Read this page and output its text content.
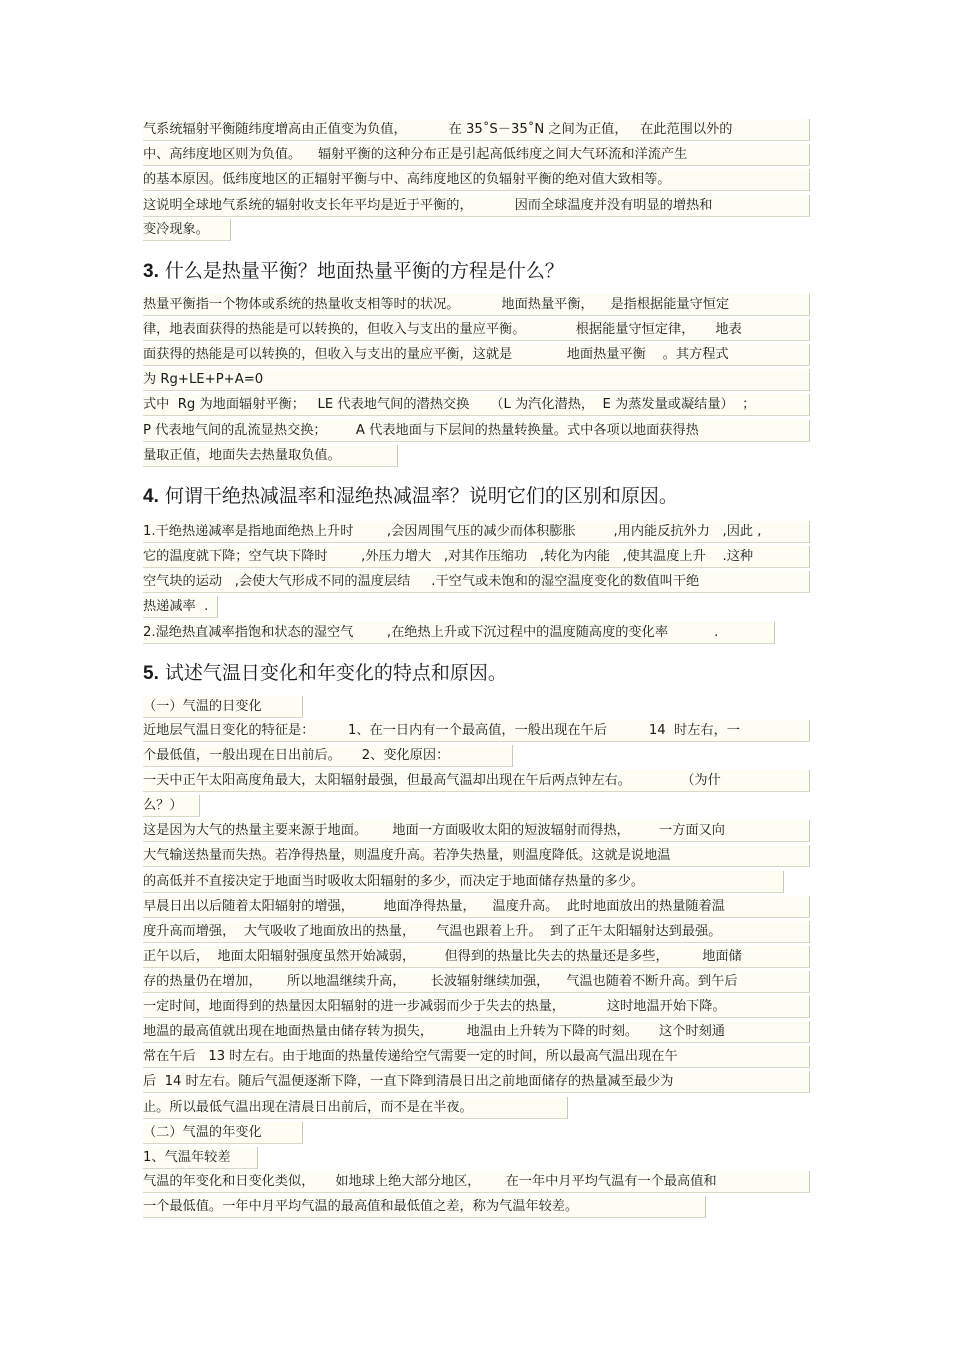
气系统辐射平衡随纬度增高由正值变为负值，          在 35˚S－35˚N 之间为正值，   在此范围以外的
中、高纬度地区则为负值。    辐射平衡的这种分布正是引起高低纬度之间大气环流和洋流产生
的基本原因。低纬度地区的正辐射平衡与中、高纬度地区的负辐射平衡的绝对值大致相等。
这说明全球地气系统的辐射收支长年平均是近于平衡的，          因而全球温度并没有明显的增热和
变冷现象。
3. 什么是热量平衡？地面热量平衡的方程是什么？
热量平衡指一个物体或系统的热量收支相等时的状况。          地面热量平衡，    是指根据能量守恒定
律，地表面获得的热能是可以转换的，但收入与支出的量应平衡。            根据能量守恒定律，     地表
面获得的热能是可以转换的，但收入与支出的量应平衡，这就是             地面热量平衡    。其方程式
为 Rg+LE+P+A=0
式中  Rg 为地面辐射平衡；   LE 代表地气间的潜热交换     （L 为汽化潜热，  E 为蒸发量或凝结量）  ；
P 代表地气间的乱流显热交换；       A 代表地面与下层间的热量转换量。式中各项以地面获得热
量取正值，地面失去热量取负值。
4. 何谓干绝热减温率和湿绝热减温率？说明它们的区别和原因。
1.干绝热递减率是指地面绝热上升时        ,会因周围气压的减少而体积膨胀         ,用内能反抗外力   ,因此 ,
它的温度就下降；空气块下降时        ,外压力增大   ,对其作压缩功   ,转化为内能   ,使其温度上升    .这种
空气块的运动   ,会使大气形成不同的温度层结     .干空气或未饱和的湿空温度变化的数值叫干绝
热递减率  .
2.湿绝热直减率指饱和状态的湿空气        ,在绝热上升或下沉过程中的温度随高度的变化率           .
5. 试述气温日变化和年变化的特点和原因。
（一）气温的日变化
近地层气温日变化的特征是：        1、在一日内有一个最高值，一般出现在午后          14  时左右，一
个最低值，一般出现在日出前后。     2、变化原因：
一天中正午太阳高度角最大，太阳辐射最强，但最高气温却出现在午后两点钟左右。            （为什
么？）
这是因为大气的热量主要来源于地面。      地面一方面吸收太阳的短波辐射而得热，       一方面又向
大气输送热量而失热。若净得热量，则温度升高。若净失热量，则温度降低。这就是说地温
的高低并不直接决定于地面当时吸收太阳辐射的多少，而决定于地面储存热量的多少。
早晨日出以后随着太阳辐射的增强，       地面净得热量，    温度升高。  此时地面放出的热量随着温
度升高而增强，  大气吸收了地面放出的热量，     气温也跟着上升。  到了正午太阳辐射达到最强。
正午以后，  地面太阳辐射强度虽然开始减弱，       但得到的热量比失去的热量还是多些，        地面储
存的热量仍在增加，      所以地温继续升高，      长波辐射继续加强，    气温也随着不断升高。到午后
一定时间，地面得到的热量因太阳辐射的进一步减弱而少于失去的热量，          这时地温开始下降。
地温的最高值就出现在地面热量由储存转为损失，        地温由上升转为下降的时刻。     这个时刻通
常在午后   13 时左右。由于地面的热量传递给空气需要一定的时间，所以最高气温出现在午
后  14 时左右。随后气温便逐渐下降，一直下降到清晨日出之前地面储存的热量减至最少为
止。所以最低气温出现在清晨日出前后，而不是在半夜。
（二）气温的年变化
1、气温年较差
气温的年变化和日变化类似，     如地球上绝大部分地区，      在一年中月平均气温有一个最高值和
一个最低值。一年中月平均气温的最高值和最低值之差，称为气温年较差。
